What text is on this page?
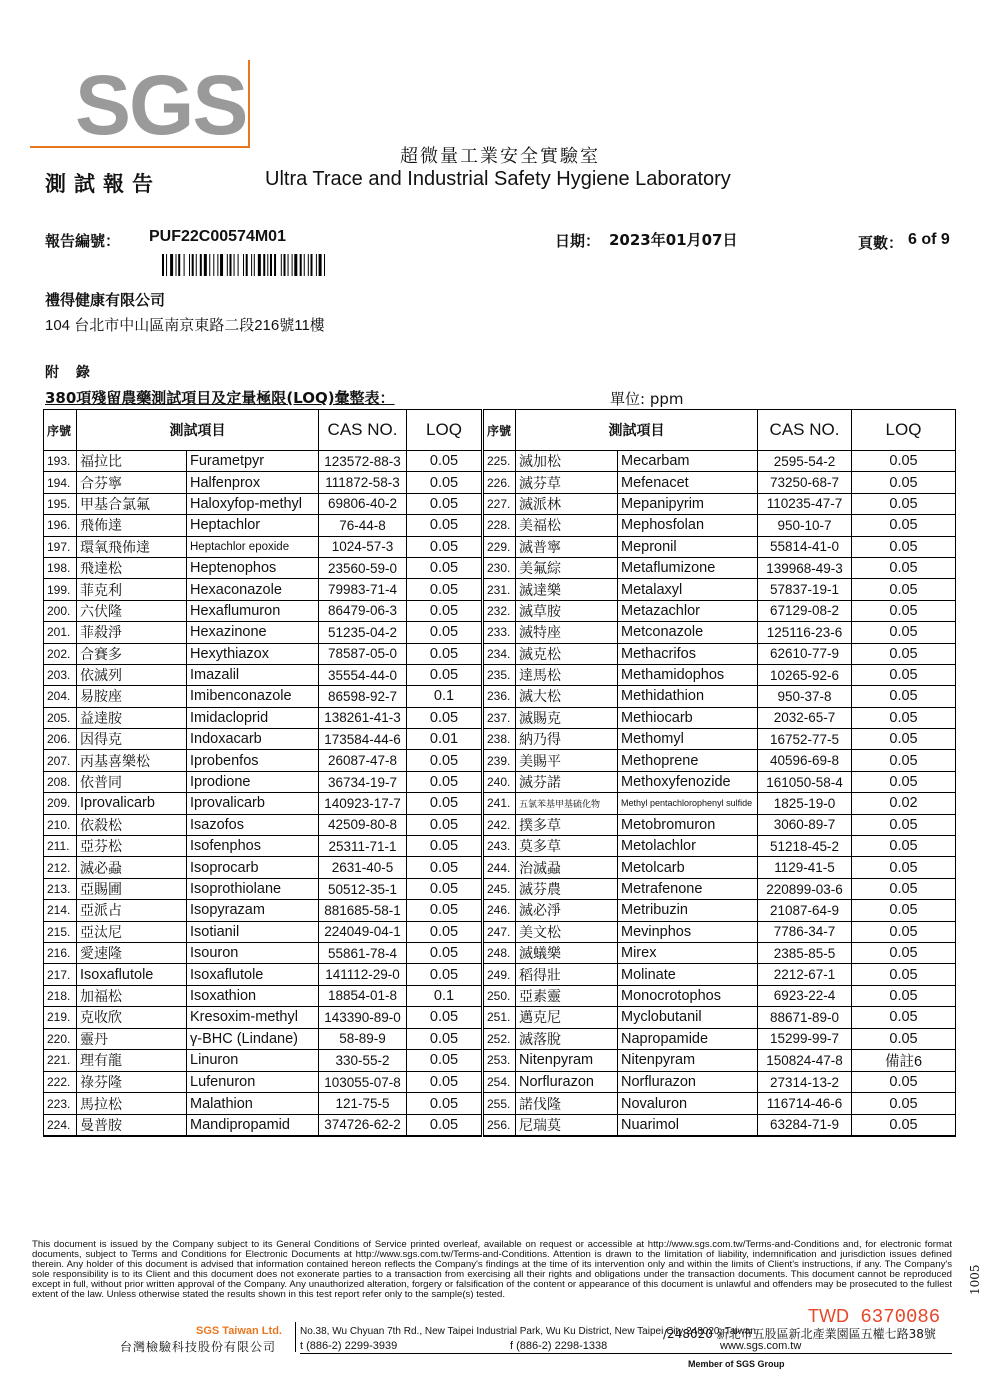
SGS
超微量工業安全實驗室
測試報告	Ultra Trace and Industrial Safety Hygiene Laboratory
報告編號： PUF22C00574M01	日期： 2023年01月07日	頁數： 6 of 9
禮得健康有限公司
104 台北市中山區南京東路二段216號11樓
附 錄
380項殘留農藥測試項目及定量極限(LOQ)彙整表：	單位: ppm
序號	測試項目		CAS NO.	LOQ	序號	測試項目		CAS NO.	LOQ
193.	福拉比	Furametpyr	123572-88-3	0.05	225.	滅加松	Mecarbam	2595-54-2	0.05
194.	合芬寧	Halfenprox	111872-58-3	0.05	226.	滅芬草	Mefenacet	73250-68-7	0.05
195.	甲基合氯氟	Haloxyfop-methyl	69806-40-2	0.05	227.	滅派林	Mepanipyrim	110235-47-7	0.05
196.	飛佈達	Heptachlor	76-44-8	0.05	228.	美福松	Mephosfolan	950-10-7	0.05
197.	環氧飛佈達	Heptachlor epoxide	1024-57-3	0.05	229.	滅普寧	Mepronil	55814-41-0	0.05
198.	飛達松	Heptenophos	23560-59-0	0.05	230.	美氟綜	Metaflumizone	139968-49-3	0.05
199.	菲克利	Hexaconazole	79983-71-4	0.05	231.	滅達樂	Metalaxyl	57837-19-1	0.05
200.	六伏隆	Hexaflumuron	86479-06-3	0.05	232.	滅草胺	Metazachlor	67129-08-2	0.05
201.	菲殺淨	Hexazinone	51235-04-2	0.05	233.	滅特座	Metconazole	125116-23-6	0.05
202.	合賽多	Hexythiazox	78587-05-0	0.05	234.	滅克松	Methacrifos	62610-77-9	0.05
203.	依滅列	Imazalil	35554-44-0	0.05	235.	達馬松	Methamidophos	10265-92-6	0.05
204.	易胺座	Imibenconazole	86598-92-7	0.1	236.	滅大松	Methidathion	950-37-8	0.05
205.	益達胺	Imidacloprid	138261-41-3	0.05	237.	滅賜克	Methiocarb	2032-65-7	0.05
206.	因得克	Indoxacarb	173584-44-6	0.01	238.	納乃得	Methomyl	16752-77-5	0.05
207.	丙基喜樂松	Iprobenfos	26087-47-8	0.05	239.	美賜平	Methoprene	40596-69-8	0.05
208.	依普同	Iprodione	36734-19-7	0.05	240.	滅芬諾	Methoxyfenozide	161050-58-4	0.05
209.	Iprovalicarb	Iprovalicarb	140923-17-7	0.05	241.	五氯苯基甲基硫化物	Methyl pentachlorophenyl sulfide	1825-19-0	0.02
210.	依殺松	Isazofos	42509-80-8	0.05	242.	撲多草	Metobromuron	3060-89-7	0.05
211.	亞芬松	Isofenphos	25311-71-1	0.05	243.	莫多草	Metolachlor	51218-45-2	0.05
212.	滅必蝨	Isoprocarb	2631-40-5	0.05	244.	治滅蝨	Metolcarb	1129-41-5	0.05
213.	亞賜圃	Isoprothiolane	50512-35-1	0.05	245.	滅芬農	Metrafenone	220899-03-6	0.05
214.	亞派占	Isopyrazam	881685-58-1	0.05	246.	滅必淨	Metribuzin	21087-64-9	0.05
215.	亞汰尼	Isotianil	224049-04-1	0.05	247.	美文松	Mevinphos	7786-34-7	0.05
216.	愛速隆	Isouron	55861-78-4	0.05	248.	滅蟻樂	Mirex	2385-85-5	0.05
217.	Isoxaflutole	Isoxaflutole	141112-29-0	0.05	249.	稻得壯	Molinate	2212-67-1	0.05
218.	加福松	Isoxathion	18854-01-8	0.1	250.	亞素靈	Monocrotophos	6923-22-4	0.05
219.	克收欣	Kresoxim-methyl	143390-89-0	0.05	251.	邁克尼	Myclobutanil	88671-89-0	0.05
220.	靈丹	γ-BHC (Lindane)	58-89-9	0.05	252.	滅落脫	Napropamide	15299-99-7	0.05
221.	理有龍	Linuron	330-55-2	0.05	253.	Nitenpyram	Nitenpyram	150824-47-8	備註6
222.	祿芬隆	Lufenuron	103055-07-8	0.05	254.	Norflurazon	Norflurazon	27314-13-2	0.05
223.	馬拉松	Malathion	121-75-5	0.05	255.	諾伐隆	Novaluron	116714-46-6	0.05
224.	曼普胺	Mandipropamid	374726-62-2	0.05	256.	尼瑞莫	Nuarimol	63284-71-9	0.05
This document is issued by the Company subject to its General Conditions of Service printed overleaf, available on request or accessible at http://www.sgs.com.tw/Terms-and-Conditions and, for electronic format documents, subject to Terms and Conditions for Electronic Documents at http://www.sgs.com.tw/Terms-and-Conditions. Attention is drawn to the limitation of liability, indemnification and jurisdiction issues defined therein. Any holder of this document is advised that information contained hereon reflects the Company's findings at the time of its intervention only and within the limits of Client's instructions, if any. The Company's sole responsibility is to its Client and this document does not exonerate parties to a transaction from exercising all their rights and obligations under the transaction documents. This document cannot be reproduced except in full, without prior written approval of the Company. Any unauthorized alteration, forgery or falsification of the content or appearance of this document is unlawful and offenders may be prosecuted to the fullest extent of the law. Unless otherwise stated the results shown in this test report refer only to the sample(s) tested.
TWD 6370086
SGS Taiwan Ltd.
台灣檢驗科技股份有限公司
No.38, Wu Chyuan 7th Rd., New Taipei Industrial Park, Wu Ku District, New Taipei City 248020, Taiwan
/248020 新北市五股區新北產業園區五權七路38號
t (886-2) 2299-3939	f (886-2) 2298-1338	www.sgs.com.tw
Member of SGS Group
1005
